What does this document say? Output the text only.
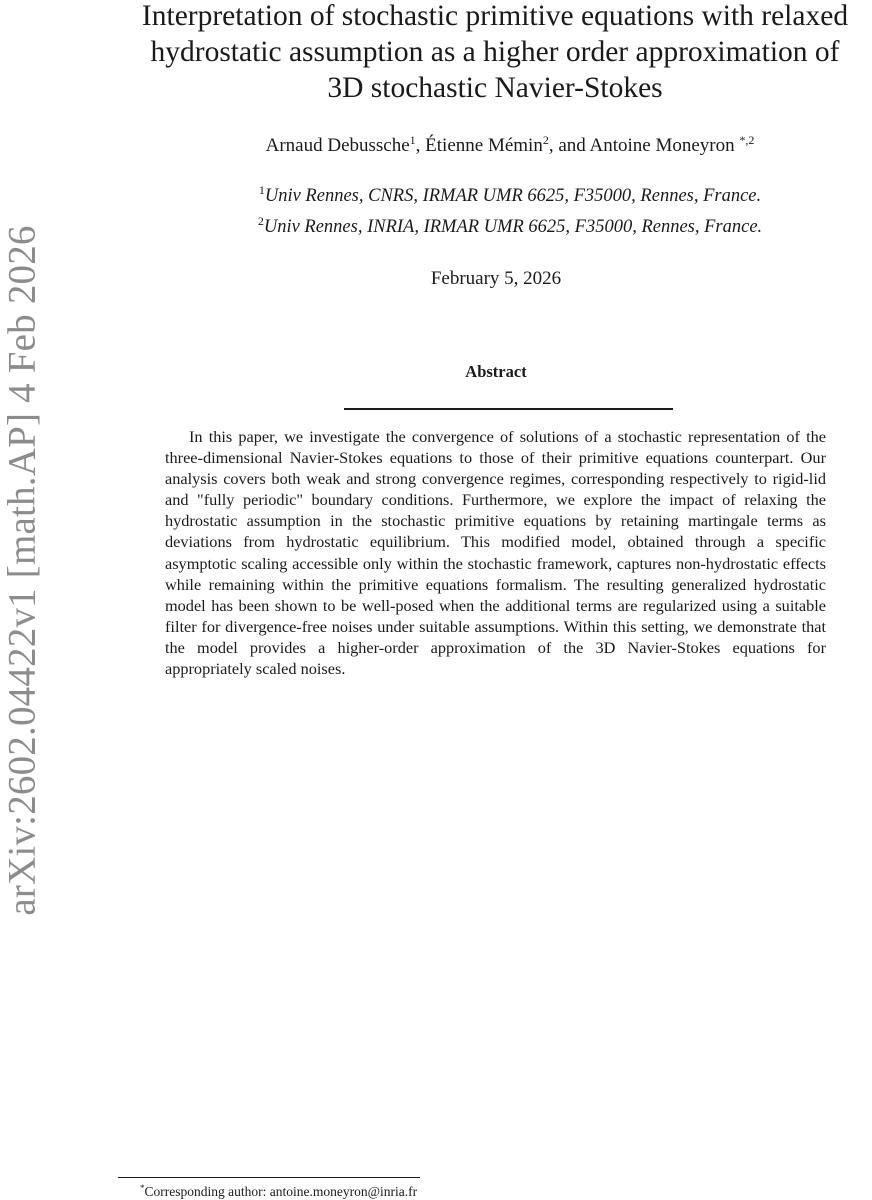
arXiv:2602.04422v1 [math.AP] 4 Feb 2026
Interpretation of stochastic primitive equations with relaxed
hydrostatic assumption as a higher order approximation of
3D stochastic Navier-Stokes
Arnaud Debussche$^1$, Étienne Mémin$^2$, and Antoine Moneyron $^{*,2}$
$^1$Univ Rennes, CNRS, IRMAR UMR 6625, F35000, Rennes, France.
$^2$Univ Rennes, INRIA, IRMAR UMR 6625, F35000, Rennes, France.
February 5, 2026
Abstract
In this paper, we investigate the convergence of solutions of a stochastic representation of the three-dimensional Navier-Stokes equations to those of their primitive equations counterpart. Our analysis covers both weak and strong convergence regimes, corresponding respectively to rigid-lid and "fully periodic" boundary conditions. Furthermore, we explore the impact of relaxing the hydrostatic assumption in the stochastic primitive equations by retaining martingale terms as deviations from hydrostatic equilibrium. This modified model, obtained through a specific asymptotic scaling accessible only within the stochastic framework, captures non-hydrostatic effects while remaining within the primitive equations formalism. The resulting generalized hydrostatic model has been shown to be well-posed when the additional terms are regularized using a suitable filter for divergence-free noises under suitable assumptions. Within this setting, we demonstrate that the model provides a higher-order approximation of the 3D Navier-Stokes equations for appropriately scaled noises.
*Corresponding author: antoine.moneyron@inria.fr
